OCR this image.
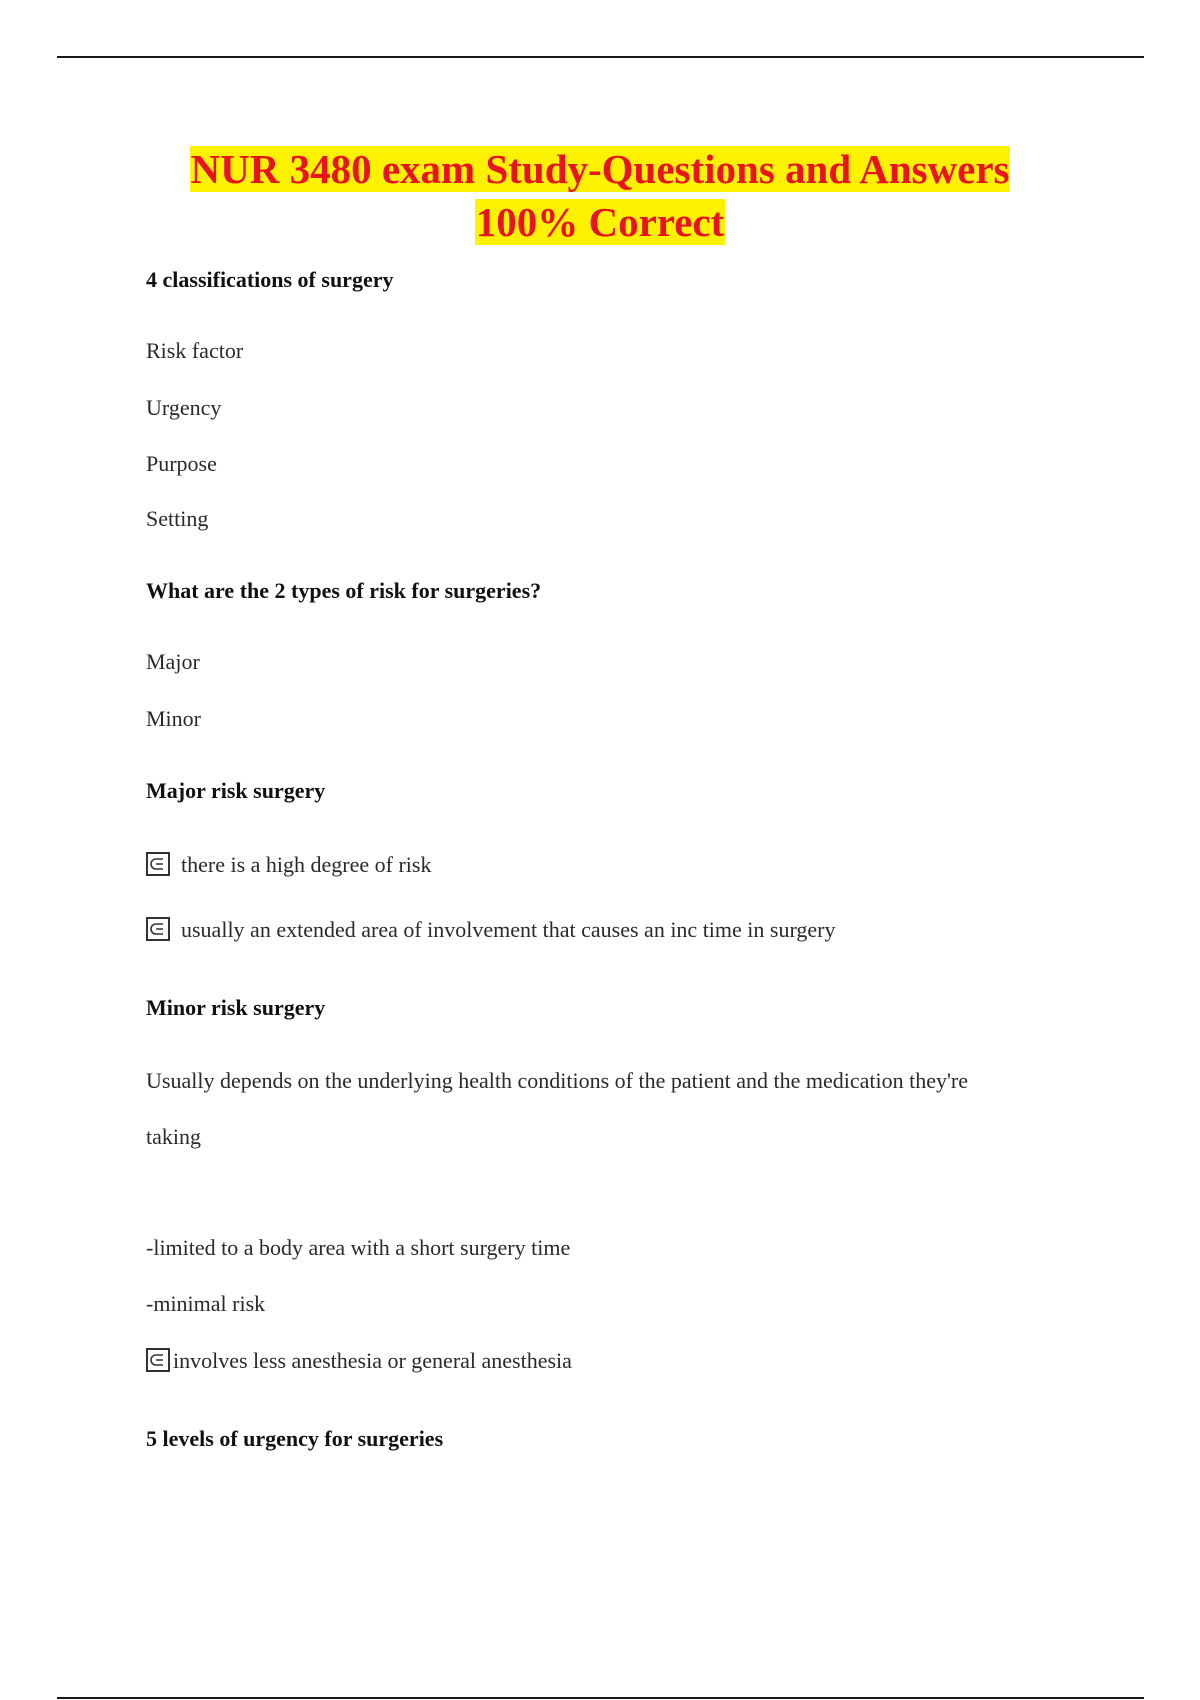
NUR 3480 exam Study-Questions and Answers
100% Correct
4 classifications of surgery
Risk factor
Urgency
Purpose
Setting
What are the 2 types of risk for surgeries?
Major
Minor
Major risk surgery
there is a high degree of risk
usually an extended area of involvement that causes an inc time in surgery
Minor risk surgery
Usually depends on the underlying health conditions of the patient and the medication they're
taking
-limited to a body area with a short surgery time
-minimal risk
involves less anesthesia or general anesthesia
5 levels of urgency for surgeries
